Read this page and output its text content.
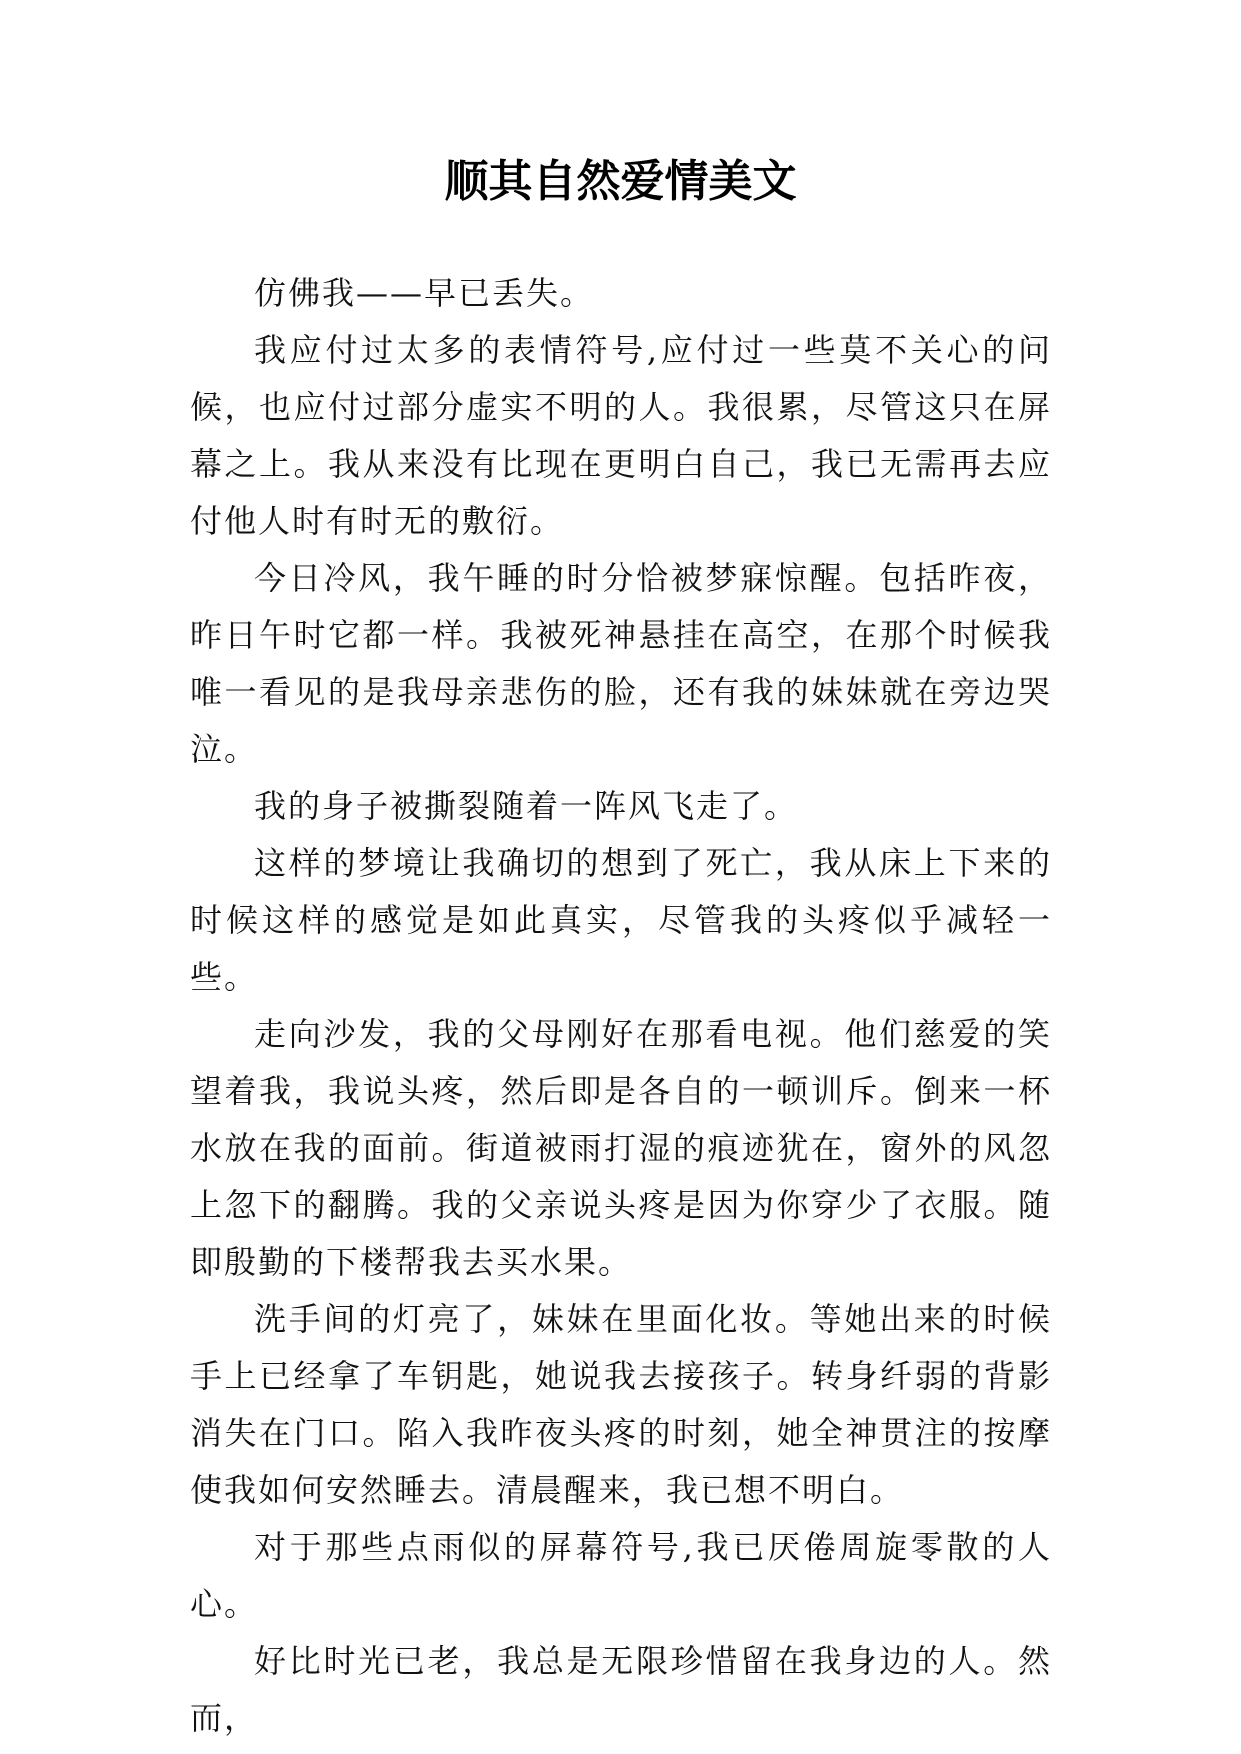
顺其自然爱情美文

仿佛我——早已丢失。

我应付过太多的表情符号,应付过一些莫不关心的问候，也应付过部分虚实不明的人。我很累，尽管这只在屏幕之上。我从来没有比现在更明白自己，我已无需再去应付他人时有时无的敷衍。

今日冷风，我午睡的时分恰被梦寐惊醒。包括昨夜，昨日午时它都一样。我被死神悬挂在高空，在那个时候我唯一看见的是我母亲悲伤的脸，还有我的妹妹就在旁边哭泣。

我的身子被撕裂随着一阵风飞走了。

这样的梦境让我确切的想到了死亡，我从床上下来的时候这样的感觉是如此真实，尽管我的头疼似乎减轻一些。

走向沙发，我的父母刚好在那看电视。他们慈爱的笑望着我，我说头疼，然后即是各自的一顿训斥。倒来一杯水放在我的面前。街道被雨打湿的痕迹犹在，窗外的风忽上忽下的翻腾。我的父亲说头疼是因为你穿少了衣服。随即殷勤的下楼帮我去买水果。

洗手间的灯亮了，妹妹在里面化妆。等她出来的时候手上已经拿了车钥匙，她说我去接孩子。转身纤弱的背影消失在门口。陷入我昨夜头疼的时刻，她全神贯注的按摩使我如何安然睡去。清晨醒来，我已想不明白。

对于那些点雨似的屏幕符号,我已厌倦周旋零散的人心。

好比时光已老，我总是无限珍惜留在我身边的人。然而，
